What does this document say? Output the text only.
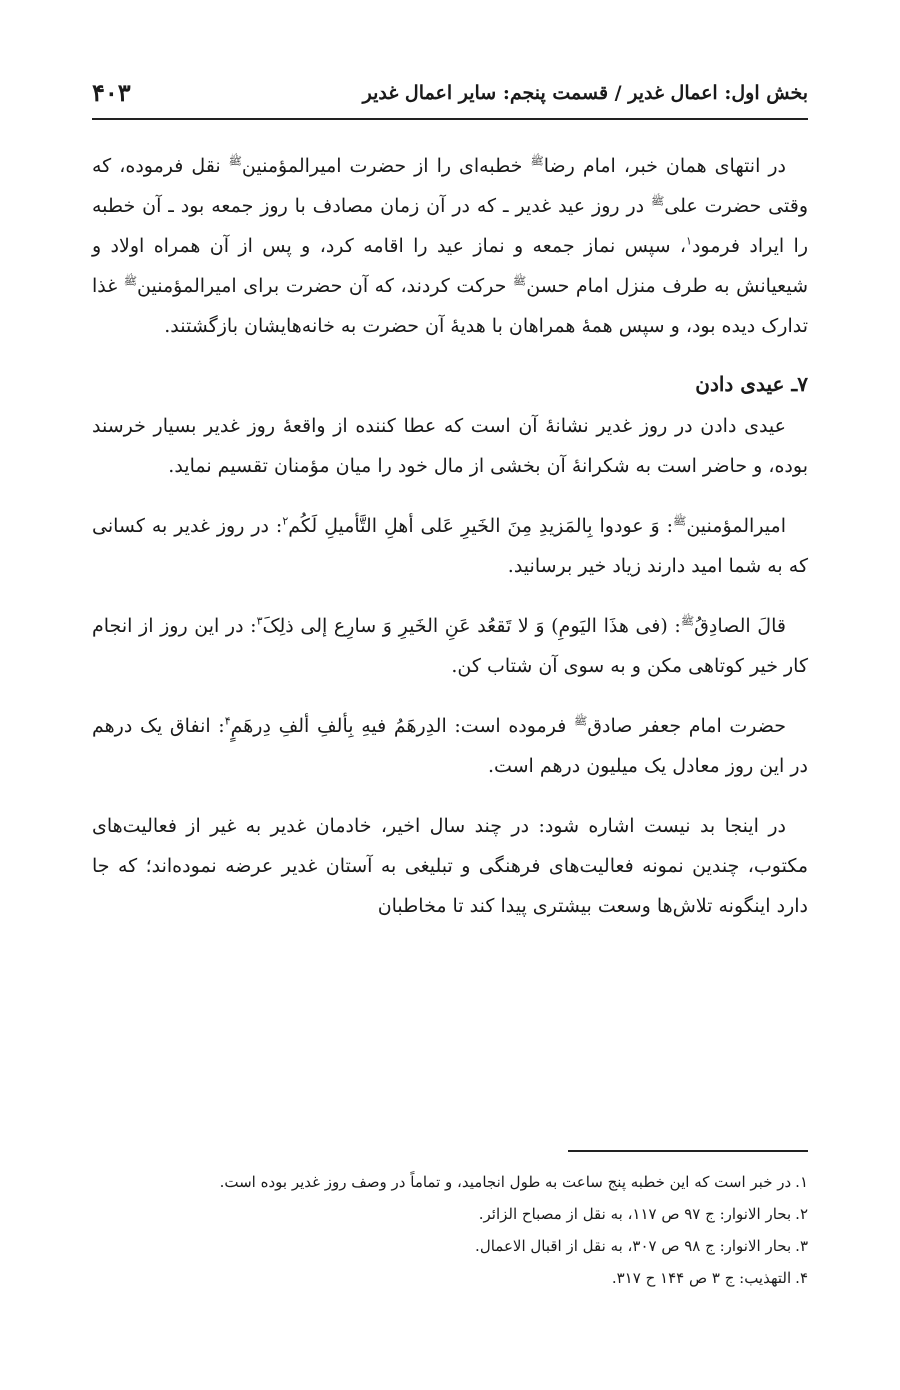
بخش اول: اعمال غدیر / قسمت پنجم: سایر اعمال غدیر
۴۰۳

در انتهای همان خبر، امام رضا$^ﷺ$ خطبه‌ای را از حضرت امیرالمؤمنین$^ﷺ$ نقل فرموده، که وقتی حضرت علی$^ﷺ$ در روز عید غدیر ـ که در آن زمان مصادف با روز جمعه بود ـ آن خطبه را ایراد فرمود$^۱$، سپس نماز جمعه و نماز عید را اقامه کرد، و پس از آن همراه اولاد و شیعیانش به طرف منزل امام حسن$^ﷺ$ حرکت کردند، که آن حضرت برای امیرالمؤمنین$^ﷺ$ غذا تدارک دیده بود، و سپس همهٔ همراهان با هدیهٔ آن حضرت به خانه‌هایشان بازگشتند.

۷ـ عیدی دادن

عیدی دادن در روز غدیر نشانهٔ آن است که عطا کننده از واقعهٔ روز غدیر بسیار خرسند بوده، و حاضر است به شکرانهٔ آن بخشی از مال خود را میان مؤمنان تقسیم نماید.

امیرالمؤمنین$^ﷺ$: وَ عودوا بِالمَزیدِ مِنَ الخَیرِ عَلی أهلِ التَّأمیلِ لَکُم$^۲$: در روز غدیر به کسانی که به شما امید دارند زیاد خیر برسانید.

قالَ الصادِقُ$^ﷺ$: (فی هذَا الیَومِ) وَ لا تَقعُد عَنِ الخَیرِ وَ سارِع إلی ذلِکَ$^۳$: در این روز از انجام کار خیر کوتاهی مکن و به سوی آن شتاب کن.

حضرت امام جعفر صادق$^ﷺ$ فرموده است: الدِرهَمُ فیهِ بِألفِ ألفِ دِرهَمٍ$^۴$: انفاق یک درهم در این روز معادل یک میلیون درهم است.

در اینجا بد نیست اشاره شود: در چند سال اخیر، خادمان غدیر به غیر از فعالیت‌های مکتوب، چندین نمونه فعالیت‌های فرهنگی و تبلیغی به آستان غدیر عرضه نموده‌اند؛ که جا دارد اینگونه تلاش‌ها وسعت بیشتری پیدا کند تا مخاطبان

۱.در خبر است که این خطبه پنج ساعت به طول انجامید، و تماماً در وصف روز غدیر بوده است.
۲.بحار الانوار: ج ۹۷ ص ۱۱۷، به نقل از مصباح الزائر.
۳.بحار الانوار: ج ۹۸ ص ۳۰۷، به نقل از اقبال الاعمال.
۴.التهذیب: ج ۳ ص ۱۴۴ ح ۳۱۷.
